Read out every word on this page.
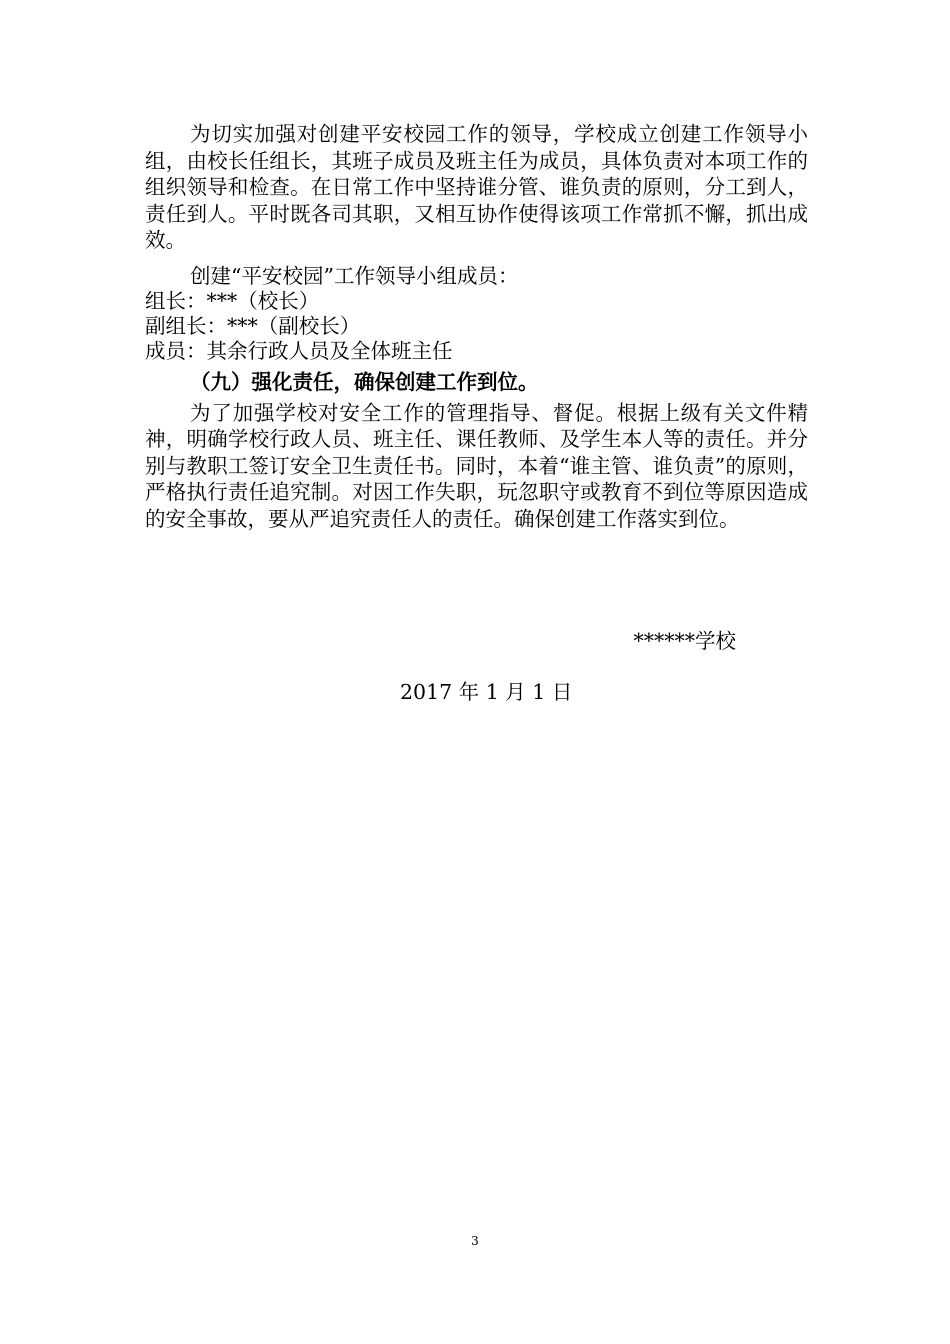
为切实加强对创建平安校园工作的领导，学校成立创建工作领导小组，由校长任组长，其班子成员及班主任为成员，具体负责对本项工作的组织领导和检查。在日常工作中坚持谁分管、谁负责的原则，分工到人，责任到人。平时既各司其职，又相互协作使得该项工作常抓不懈，抓出成效。

创建“平安校园”工作领导小组成员：

组长：***（校长）

副组长：***（副校长）

成员：其余行政人员及全体班主任

（九）强化责任，确保创建工作到位。

为了加强学校对安全工作的管理指导、督促。根据上级有关文件精神，明确学校行政人员、班主任、课任教师、及学生本人等的责任。并分别与教职工签订安全卫生责任书。同时，本着“谁主管、谁负责”的原则，严格执行责任追究制。对因工作失职，玩忽职守或教育不到位等原因造成的安全事故，要从严追究责任人的责任。确保创建工作落实到位。

******学校
2017 年 1 月 1 日
3
